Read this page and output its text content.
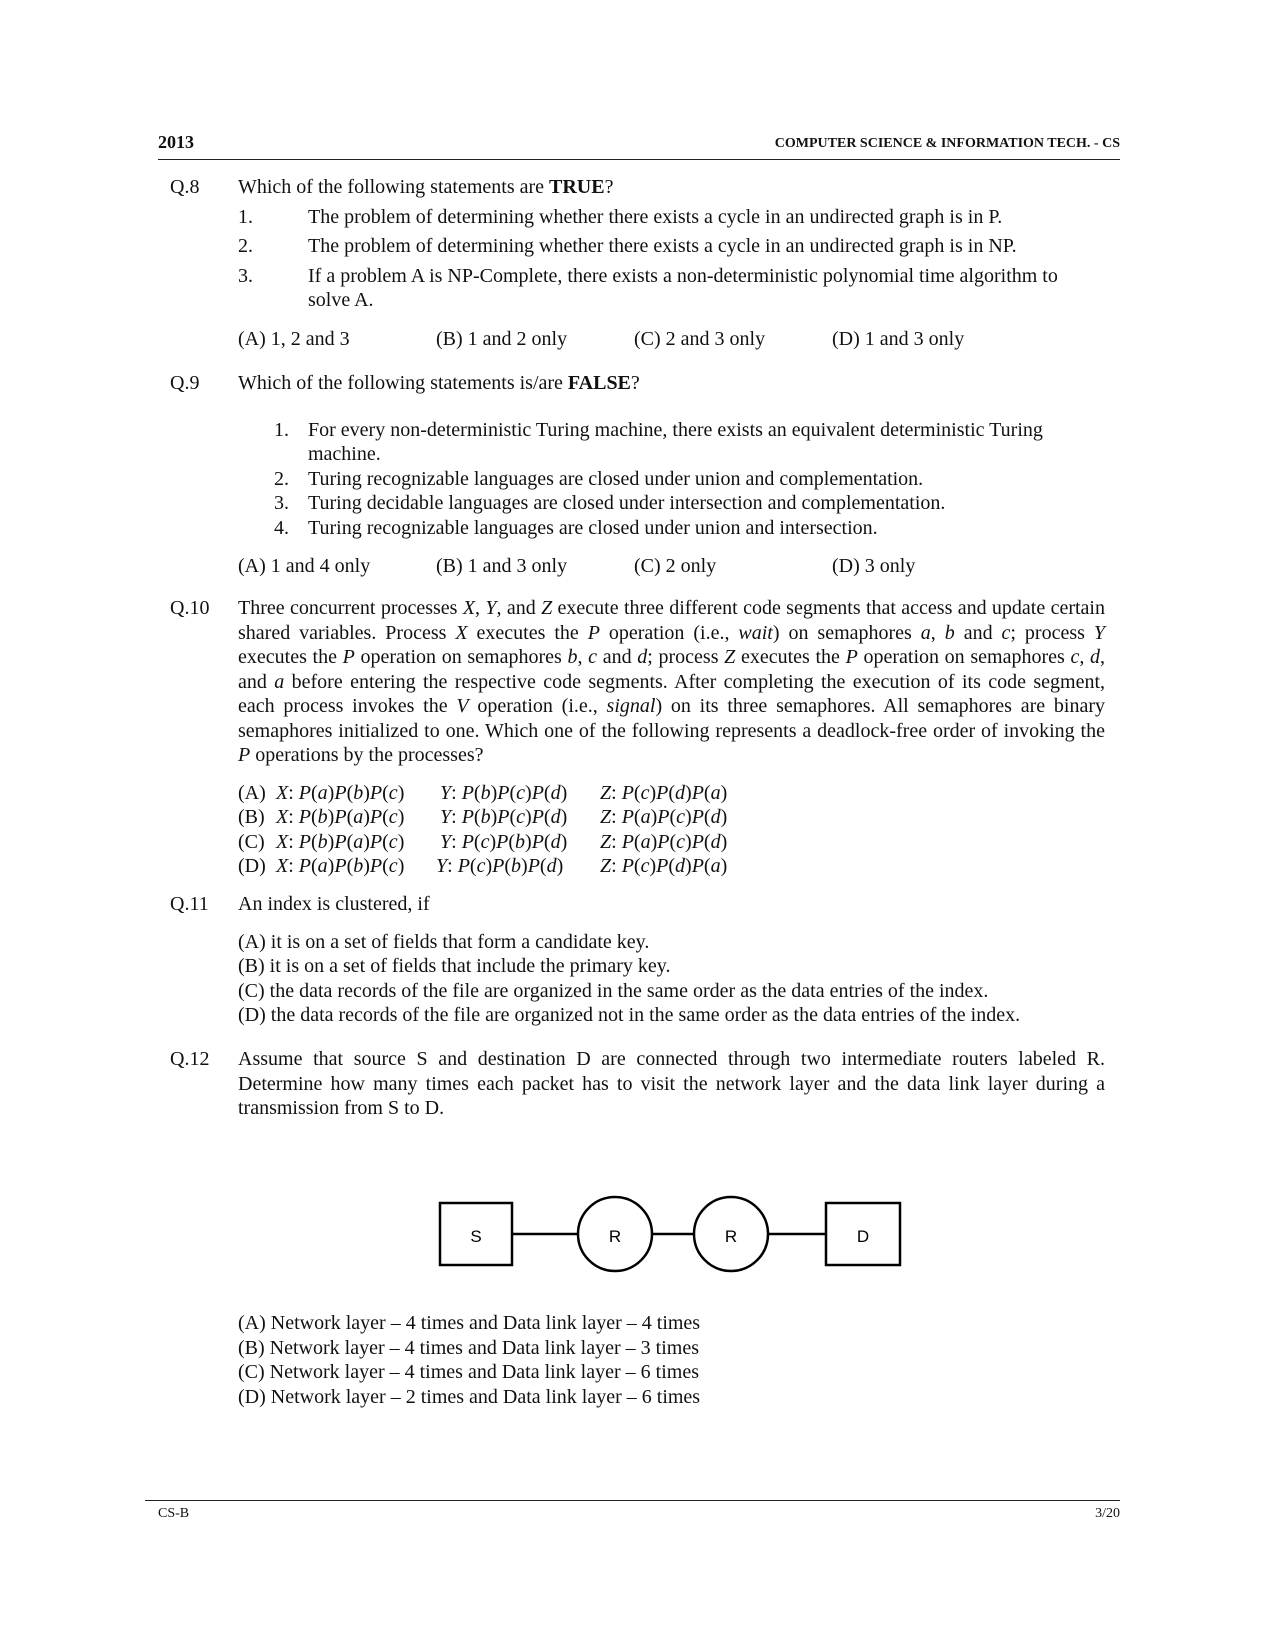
2013	COMPUTER SCIENCE & INFORMATION TECH. - CS
Q.8 Which of the following statements are TRUE?
1.	The problem of determining whether there exists a cycle in an undirected graph is in P.
2.	The problem of determining whether there exists a cycle in an undirected graph is in NP.
3.	If a problem A is NP-Complete, there exists a non-deterministic polynomial time algorithm to solve A.
(A) 1, 2 and 3	(B) 1 and 2 only	(C) 2 and 3 only	(D) 1 and 3 only
Q.9 Which of the following statements is/are FALSE?
1. For every non-deterministic Turing machine, there exists an equivalent deterministic Turing machine.
2. Turing recognizable languages are closed under union and complementation.
3. Turing decidable languages are closed under intersection and complementation.
4. Turing recognizable languages are closed under union and intersection.
(A) 1 and 4 only	(B) 1 and 3 only	(C) 2 only	(D) 3 only
Q.10 Three concurrent processes X, Y, and Z execute three different code segments that access and update certain shared variables. Process X executes the P operation (i.e., wait) on semaphores a, b and c; process Y executes the P operation on semaphores b, c and d; process Z executes the P operation on semaphores c, d, and a before entering the respective code segments. After completing the execution of its code segment, each process invokes the V operation (i.e., signal) on its three semaphores. All semaphores are binary semaphores initialized to one. Which one of the following represents a deadlock-free order of invoking the P operations by the processes?
(A) X: P(a)P(b)P(c) Y: P(b)P(c)P(d) Z: P(c)P(d)P(a)
(B) X: P(b)P(a)P(c) Y: P(b)P(c)P(d) Z: P(a)P(c)P(d)
(C) X: P(b)P(a)P(c) Y: P(c)P(b)P(d) Z: P(a)P(c)P(d)
(D) X: P(a)P(b)P(c) Y: P(c)P(b)P(d) Z: P(c)P(d)P(a)
Q.11 An index is clustered, if
(A) it is on a set of fields that form a candidate key.
(B) it is on a set of fields that include the primary key.
(C) the data records of the file are organized in the same order as the data entries of the index.
(D) the data records of the file are organized not in the same order as the data entries of the index.
Q.12 Assume that source S and destination D are connected through two intermediate routers labeled R. Determine how many times each packet has to visit the network layer and the data link layer during a transmission from S to D.
S	R	R	D
(A) Network layer – 4 times and Data link layer – 4 times
(B) Network layer – 4 times and Data link layer – 3 times
(C) Network layer – 4 times and Data link layer – 6 times
(D) Network layer – 2 times and Data link layer – 6 times
CS-B	3/20
